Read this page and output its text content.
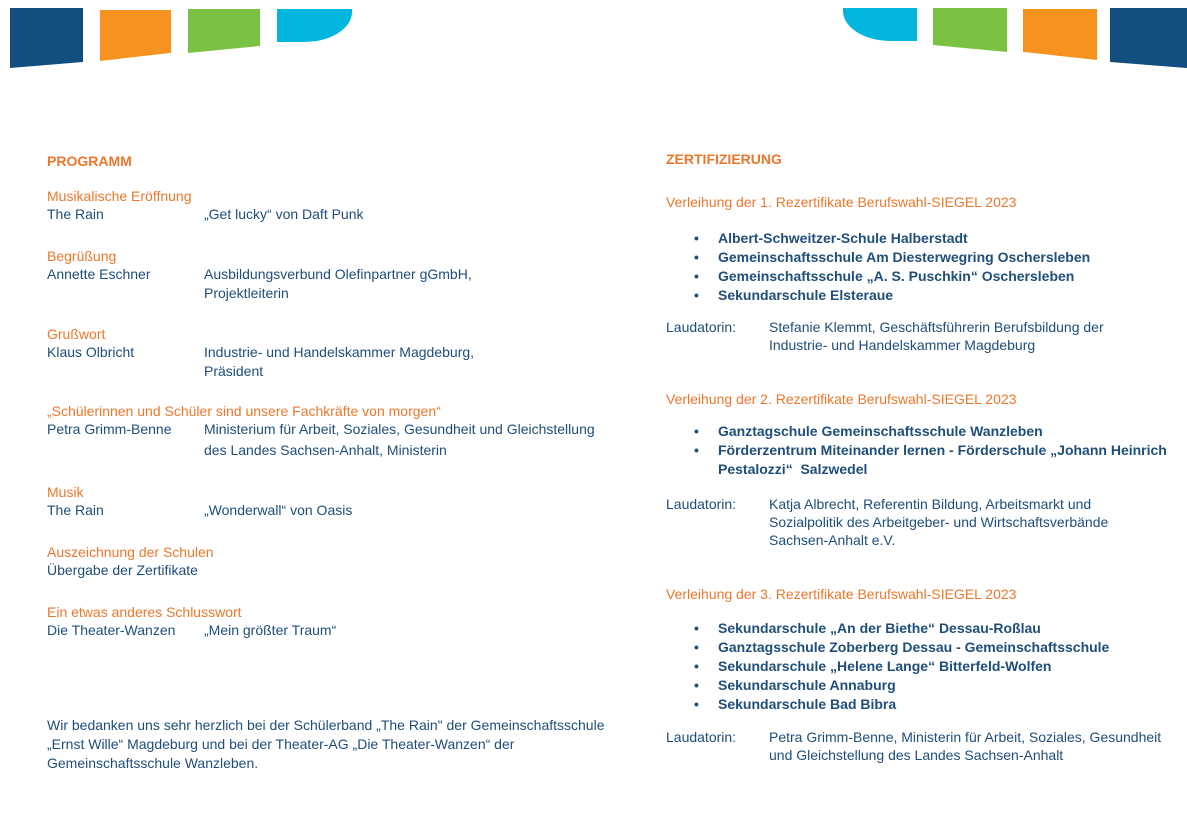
PROGRAMM
Musikalische Eröffnung
The Rain	„Get lucky“ von Daft Punk
Begrüßung
Annette Eschner	Ausbildungsverbund Olefinpartner gGmbH,
Projektleiterin
Grußwort
Klaus Olbricht	Industrie- und Handelskammer Magdeburg,
Präsident
„Schülerinnen und Schüler sind unsere Fachkräfte von morgen“
Petra Grimm-Benne	Ministerium für Arbeit, Soziales, Gesundheit und Gleichstellung
des Landes Sachsen-Anhalt, Ministerin
Musik
The Rain	„Wonderwall“ von Oasis
Auszeichnung der Schulen
Übergabe der Zertifikate
Ein etwas anderes Schlusswort
Die Theater-Wanzen	„Mein größter Traum“
Wir bedanken uns sehr herzlich bei der Schülerband „The Rain" der Gemeinschaftsschule
„Ernst Wille“ Magdeburg und bei der Theater-AG „Die Theater-Wanzen“ der
Gemeinschaftsschule Wanzleben.
ZERTIFIZIERUNG
Verleihung der 1. Rezertifikate Berufswahl-SIEGEL 2023
• Albert-Schweitzer-Schule Halberstadt
• Gemeinschaftsschule Am Diesterwegring Oschersleben
• Gemeinschaftsschule „A. S. Puschkin“ Oschersleben
• Sekundarschule Elsteraue
Laudatorin:	Stefanie Klemmt, Geschäftsführerin Berufsbildung der
Industrie- und Handelskammer Magdeburg
Verleihung der 2. Rezertifikate Berufswahl-SIEGEL 2023
• Ganztagschule Gemeinschaftsschule Wanzleben
• Förderzentrum Miteinander lernen - Förderschule „Johann Heinrich Pestalozzi“  Salzwedel
Laudatorin:	Katja Albrecht, Referentin Bildung, Arbeitsmarkt und
Sozialpolitik des Arbeitgeber- und Wirtschaftsverbände
Sachsen-Anhalt e.V.
Verleihung der 3. Rezertifikate Berufswahl-SIEGEL 2023
• Sekundarschule „An der Biethe“ Dessau-Roßlau
• Ganztagsschule Zoberberg Dessau - Gemeinschaftsschule
• Sekundarschule „Helene Lange“ Bitterfeld-Wolfen
• Sekundarschule Annaburg
• Sekundarschule Bad Bibra
Laudatorin:	Petra Grimm-Benne, Ministerin für Arbeit, Soziales, Gesundheit
und Gleichstellung des Landes Sachsen-Anhalt
